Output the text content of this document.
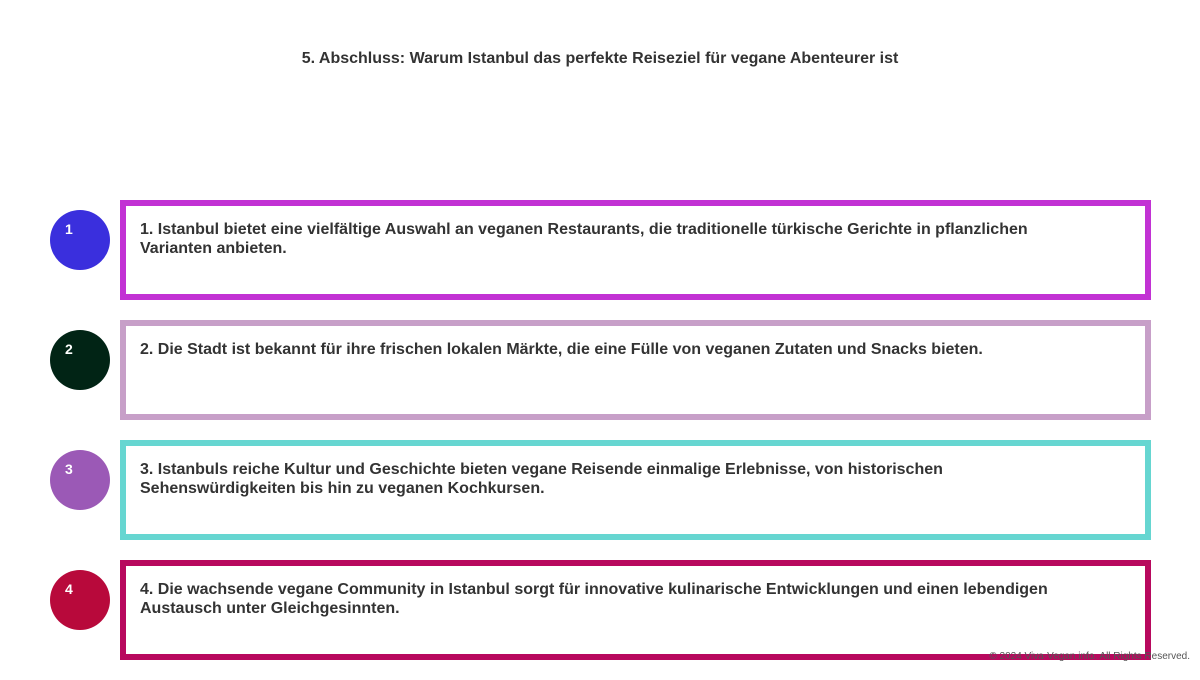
5. Abschluss: Warum Istanbul das perfekte Reiseziel für vegane Abenteurer ist
1	1. Istanbul bietet eine vielfältige Auswahl an veganen Restaurants, die traditionelle türkische Gerichte in pflanzlichen Varianten anbieten.
2	2. Die Stadt ist bekannt für ihre frischen lokalen Märkte, die eine Fülle von veganen Zutaten und Snacks bieten.
3	3. Istanbuls reiche Kultur und Geschichte bieten vegane Reisende einmalige Erlebnisse, von historischen Sehenswürdigkeiten bis hin zu veganen Kochkursen.
4	4. Die wachsende vegane Community in Istanbul sorgt für innovative kulinarische Entwicklungen und einen lebendigen Austausch unter Gleichgesinnten.
© 2024 Viva-Vegan.info. All Rights Reserved.
